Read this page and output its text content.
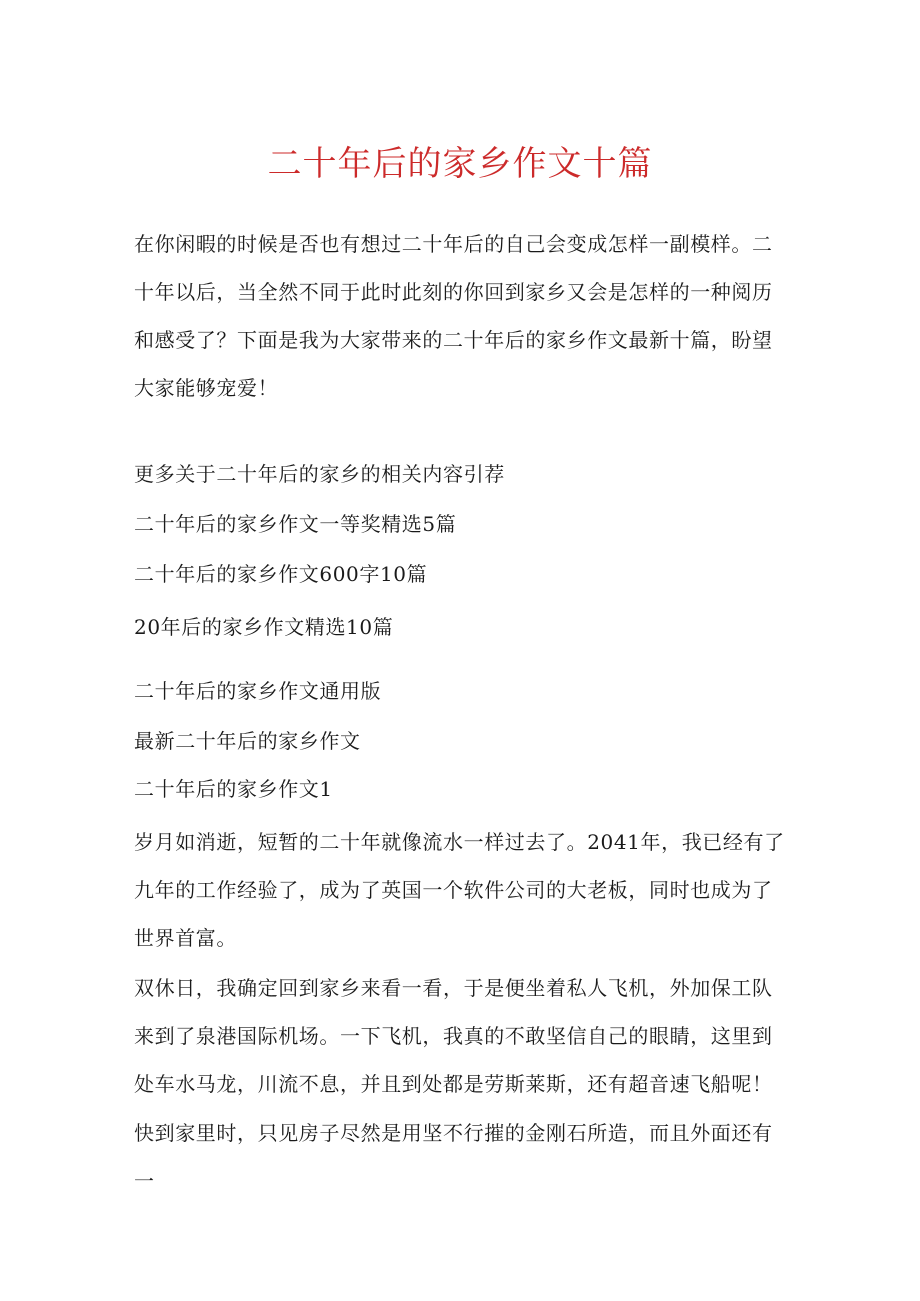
二十年后的家乡作文十篇

在你闲暇的时候是否也有想过二十年后的自己会变成怎样一副模样。二十年以后，当全然不同于此时此刻的你回到家乡又会是怎样的一种阅历和感受了？下面是我为大家带来的二十年后的家乡作文最新十篇，盼望大家能够宠爱！

更多关于二十年后的家乡的相关内容引荐

二十年后的家乡作文一等奖精选5篇

二十年后的家乡作文600字10篇

20年后的家乡作文精选10篇

二十年后的家乡作文通用版

最新二十年后的家乡作文

二十年后的家乡作文1

岁月如消逝，短暂的二十年就像流水一样过去了。2041年，我已经有了九年的工作经验了，成为了英国一个软件公司的大老板，同时也成为了世界首富。

双休日，我确定回到家乡来看一看，于是便坐着私人飞机，外加保工队来到了泉港国际机场。一下飞机，我真的不敢坚信自己的眼睛，这里到处车水马龙，川流不息，并且到处都是劳斯莱斯，还有超音速飞船呢！

快到家里时，只见房子尽然是用坚不行摧的金刚石所造，而且外面还有一
